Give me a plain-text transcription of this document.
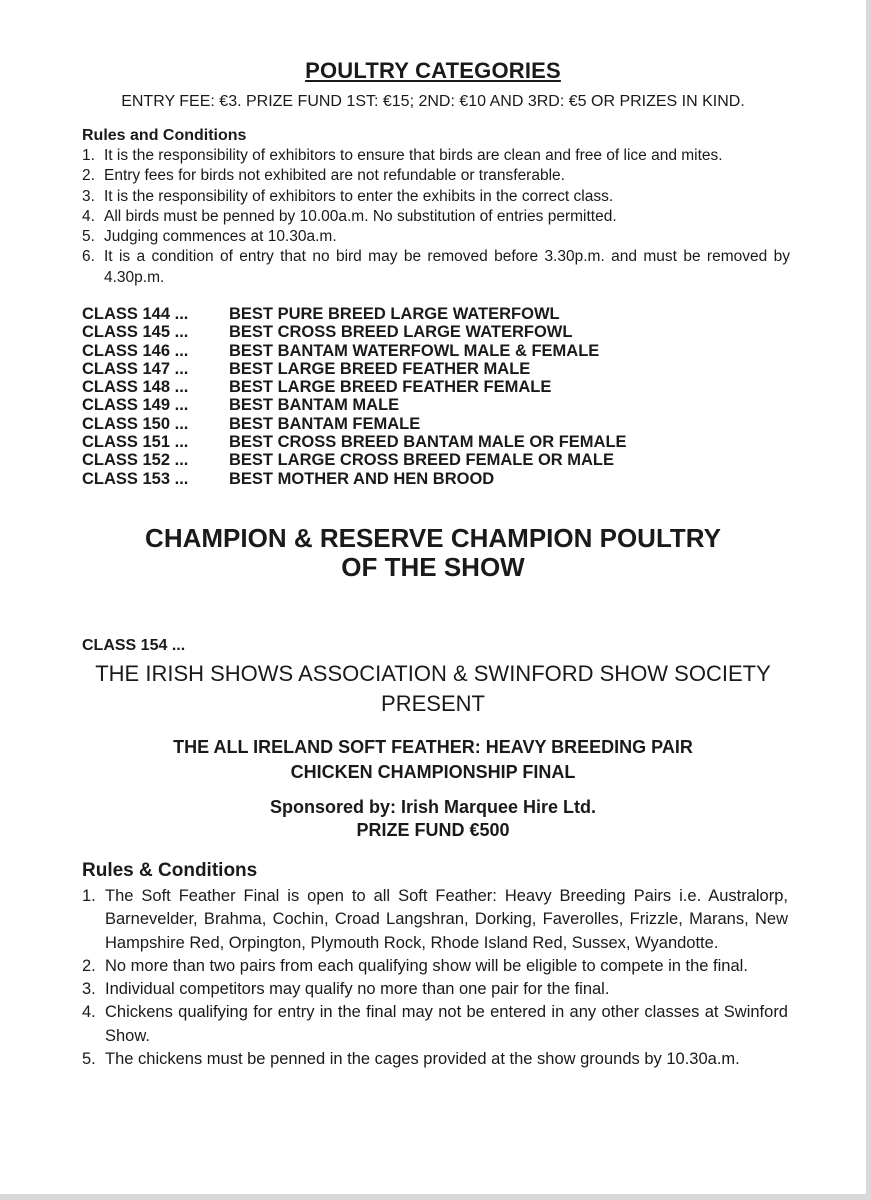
POULTRY CATEGORIES
ENTRY FEE: €3. PRIZE FUND 1ST: €15; 2ND: €10 AND 3RD: €5 OR PRIZES IN KIND.
Rules and Conditions
1. It is the responsibility of exhibitors to ensure that birds are clean and free of lice and mites.
2. Entry fees for birds not exhibited are not refundable or transferable.
3. It is the responsibility of exhibitors to enter the exhibits in the correct class.
4. All birds must be penned by 10.00a.m. No substitution of entries permitted.
5. Judging commences at 10.30a.m.
6. It is a condition of entry that no bird may be removed before 3.30p.m. and must be removed by 4.30p.m.
CLASS 144 ... BEST PURE BREED LARGE WATERFOWL
CLASS 145 ... BEST CROSS BREED LARGE WATERFOWL
CLASS 146 ... BEST BANTAM WATERFOWL MALE & FEMALE
CLASS 147 ... BEST LARGE BREED FEATHER MALE
CLASS 148 ... BEST LARGE BREED FEATHER FEMALE
CLASS 149 ... BEST BANTAM MALE
CLASS 150 ... BEST BANTAM FEMALE
CLASS 151 ... BEST CROSS BREED BANTAM MALE OR FEMALE
CLASS 152 ... BEST LARGE CROSS BREED FEMALE OR MALE
CLASS 153 ... BEST MOTHER AND HEN BROOD
CHAMPION & RESERVE CHAMPION POULTRY
OF THE SHOW
CLASS 154 ...
THE IRISH SHOWS ASSOCIATION & SWINFORD SHOW SOCIETY
PRESENT
THE ALL IRELAND SOFT FEATHER: HEAVY BREEDING PAIR
CHICKEN CHAMPIONSHIP FINAL
Sponsored by: Irish Marquee Hire Ltd.
PRIZE FUND €500
Rules & Conditions
1. The Soft Feather Final is open to all Soft Feather: Heavy Breeding Pairs i.e. Australorp, Barnevelder, Brahma, Cochin, Croad Langshran, Dorking, Faverolles, Frizzle, Marans, New Hampshire Red, Orpington, Plymouth Rock, Rhode Island Red, Sussex, Wyandotte.
2. No more than two pairs from each qualifying show will be eligible to compete in the final.
3. Individual competitors may qualify no more than one pair for the final.
4. Chickens qualifying for entry in the final may not be entered in any other classes at Swinford Show.
5. The chickens must be penned in the cages provided at the show grounds by 10.30a.m.
